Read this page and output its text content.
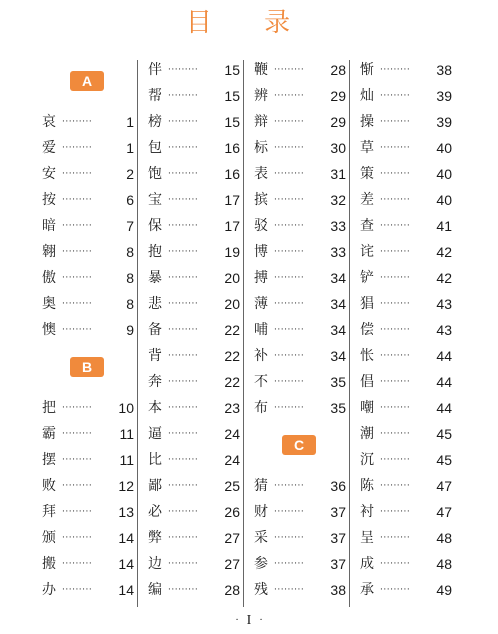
目 录
A
哀 ·········	1
爱 ·········	1
安 ·········	2
按 ·········	6
暗 ·········	7
翱 ·········	8
傲 ·········	8
奥 ·········	8
懊 ·········	9
B
把 ·········	10
霸 ·········	11
摆 ·········	11
败 ·········	12
拜 ·········	13
颁 ·········	14
搬 ·········	14
办 ·········	14
伴 ·········	15
帮 ·········	15
榜 ·········	15
包 ·········	16
饱 ·········	16
宝 ·········	17
保 ·········	17
抱 ·········	19
暴 ·········	20
悲 ·········	20
备 ·········	22
背 ·········	22
奔 ·········	22
本 ·········	23
逼 ·········	24
比 ·········	24
鄙 ·········	25
必 ·········	26
弊 ·········	27
边 ·········	27
编 ·········	28
鞭 ·········	28
辨 ·········	29
辩 ·········	29
标 ·········	30
表 ·········	31
摈 ·········	32
驳 ·········	33
博 ·········	33
搏 ·········	34
薄 ·········	34
哺 ·········	34
补 ·········	34
不 ·········	35
布 ·········	35
C
猜 ·········	36
财 ·········	37
采 ·········	37
参 ·········	37
残 ·········	38
惭 ·········	38
灿 ·········	39
操 ·········	39
草 ·········	40
策 ·········	40
差 ·········	40
查 ·········	41
诧 ·········	42
铲 ·········	42
猖 ·········	43
偿 ·········	43
怅 ·········	44
倡 ·········	44
嘲 ·········	44
潮 ·········	45
沉 ·········	45
陈 ·········	47
衬 ·········	47
呈 ·········	48
成 ·········	48
承 ·········	49
· I ·
